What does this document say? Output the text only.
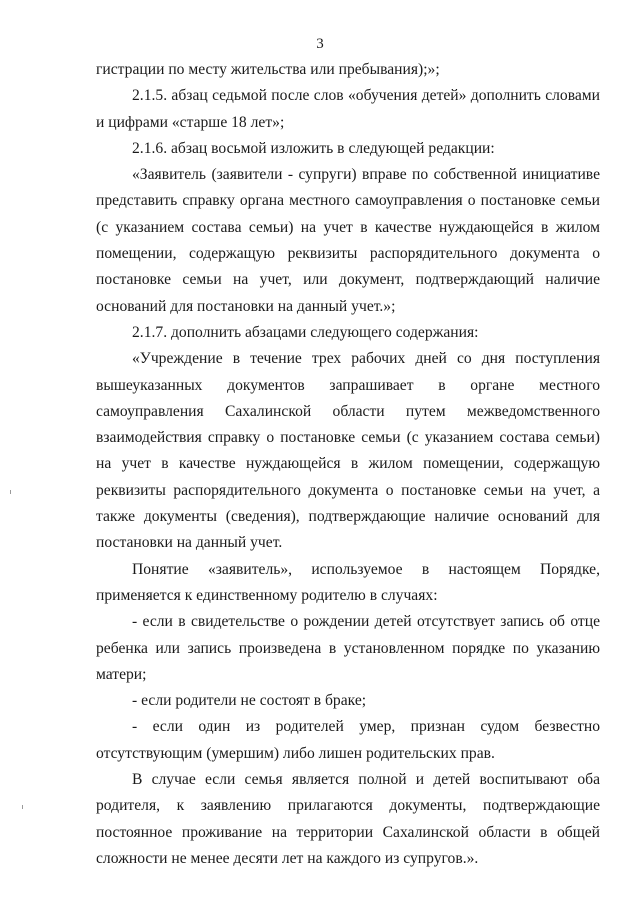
3

гистрации по месту жительства или пребывания);»;

2.1.5. абзац седьмой после слов «обучения детей» дополнить словами и цифрами «старше 18 лет»;

2.1.6. абзац восьмой изложить в следующей редакции:

«Заявитель (заявители - супруги) вправе по собственной инициативе представить справку органа местного самоуправления о постановке семьи (с указанием состава семьи) на учет в качестве нуждающейся в жилом помещении, содержащую реквизиты распорядительного документа о постановке семьи на учет, или документ, подтверждающий наличие оснований для постановки на данный учет.»;

2.1.7. дополнить абзацами следующего содержания:

«Учреждение в течение трех рабочих дней со дня поступления вышеуказанных документов запрашивает в органе местного самоуправления Сахалинской области путем межведомственного взаимодействия справку о постановке семьи (с указанием состава семьи) на учет в качестве нуждающейся в жилом помещении, содержащую реквизиты распорядительного документа о постановке семьи на учет, а также документы (сведения), подтверждающие наличие оснований для постановки на данный учет.

Понятие «заявитель», используемое в настоящем Порядке, применяется к единственному родителю в случаях:

- если в свидетельстве о рождении детей отсутствует запись об отце ребенка или запись произведена в установленном порядке по указанию матери;

- если родители не состоят в браке;

- если один из родителей умер, признан судом безвестно отсутствующим (умершим) либо лишен родительских прав.

В случае если семья является полной и детей воспитывают оба родителя, к заявлению прилагаются документы, подтверждающие постоянное проживание на территории Сахалинской области в общей сложности не менее десяти лет на каждого из супругов.».
